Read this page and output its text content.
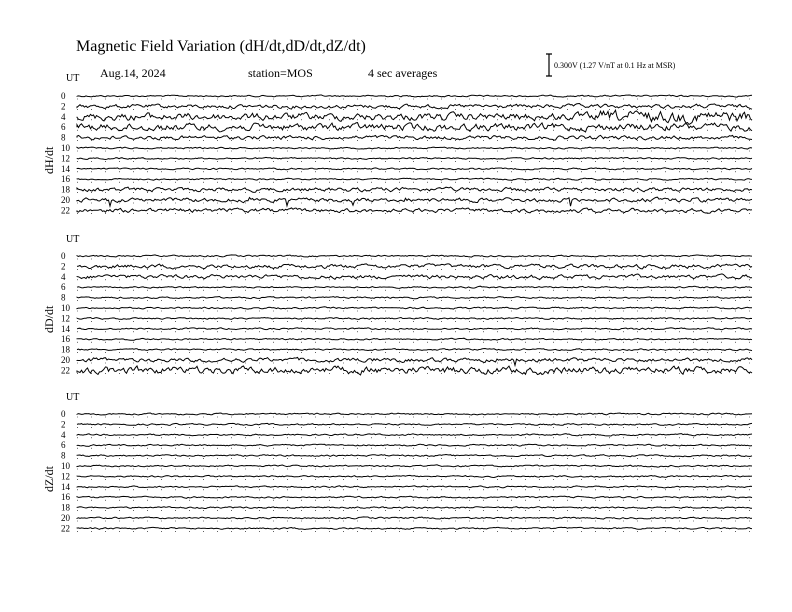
0
2
4
6
8
10
12
14
16
18
20
22
0
2
4
6
8
10
12
14
16
18
20
22
0
2
4
6
8
10
12
14
16
18
20
22
Magnetic Field Variation (dH/dt,dD/dt,dZ/dt)
Aug.14, 2024	station=MOS	4 sec averages
0.300V (1.27 V/nT at 0.1 Hz at MSR)
UT
UT
UT
dH/dt
dD/dt
dZ/dt
